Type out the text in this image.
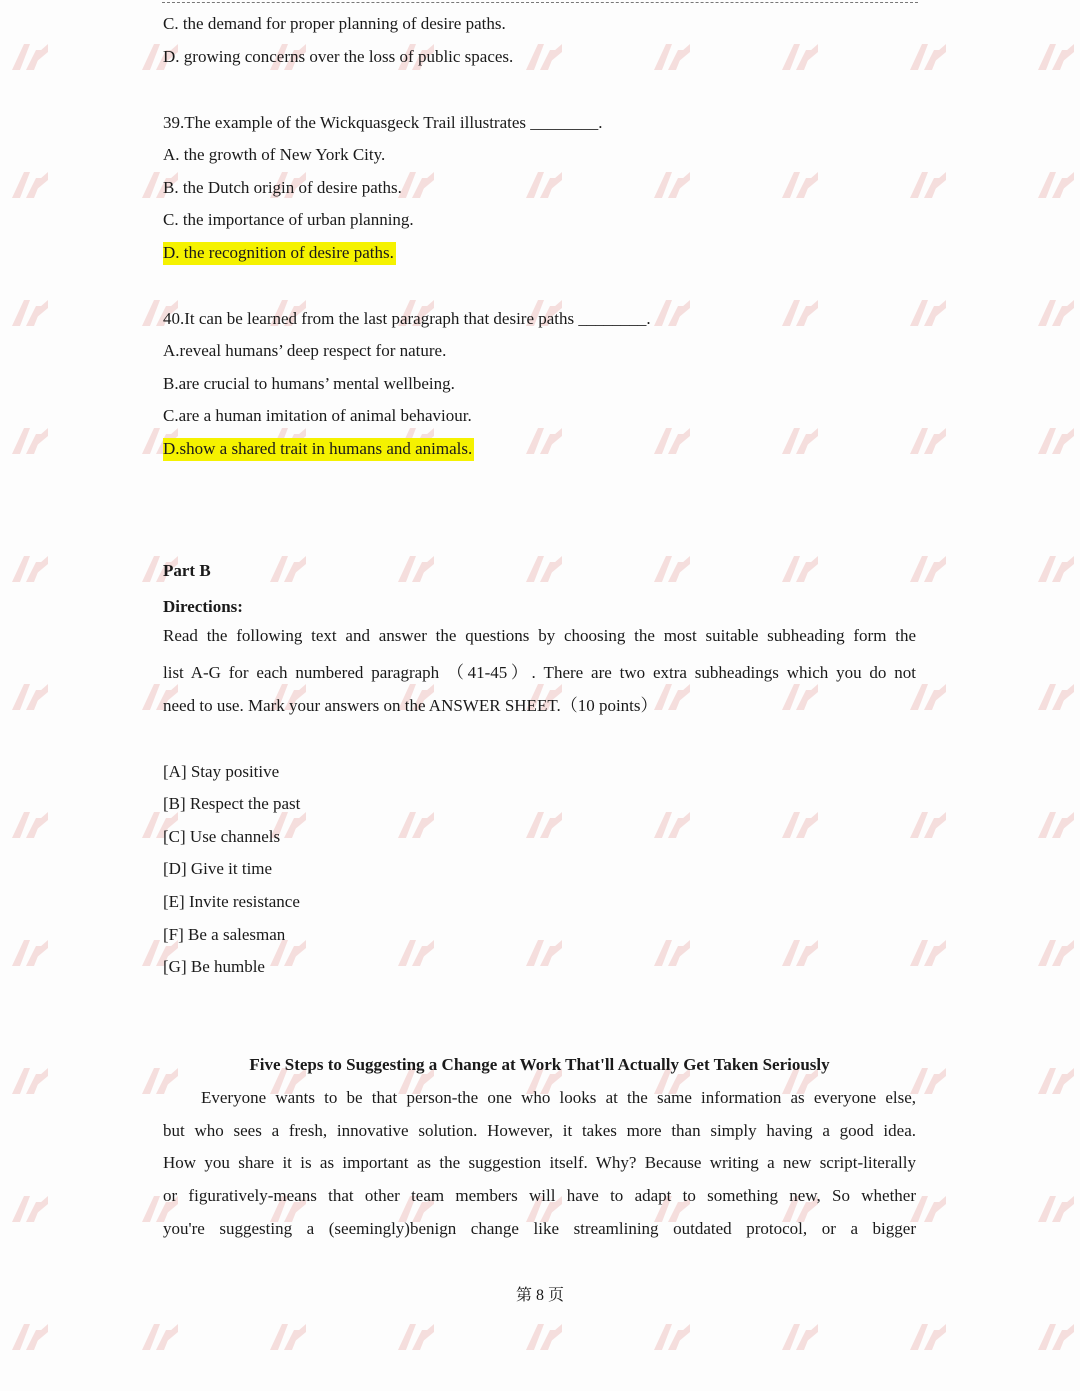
C. the demand for proper planning of desire paths.
D. growing concerns over the loss of public spaces.
39.The example of the Wickquasgeck Trail illustrates ________.
A. the growth of New York City.
B. the Dutch origin of desire paths.
C. the importance of urban planning.
D. the recognition of desire paths.
40.It can be learned from the last paragraph that desire paths ________.
A.reveal humans’ deep respect for nature.
B.are crucial to humans’ mental wellbeing.
C.are a human imitation of animal behaviour.
D.show a shared trait in humans and animals.
Part B
Directions:
Read the following text and answer the questions by choosing the most suitable subheading form the
list A-G for each numbered paragraph （41-45）. There are two extra subheadings which you do not
need to use. Mark your answers on the ANSWER SHEET.（10 points）
[A] Stay positive
[B] Respect the past
[C] Use channels
[D] Give it time
[E] Invite resistance
[F] Be a salesman
[G] Be humble
Five Steps to Suggesting a Change at Work That'll Actually Get Taken Seriously
Everyone wants to be that person-the one who looks at the same information as everyone else,
but who sees a fresh, innovative solution. However, it takes more than simply having a good idea.
How you share it is as important as the suggestion itself. Why? Because writing a new script-literally
or figuratively-means that other team members will have to adapt to something new, So whether
you're suggesting a (seemingly)benign change like streamlining outdated protocol, or a bigger
第 8 页
